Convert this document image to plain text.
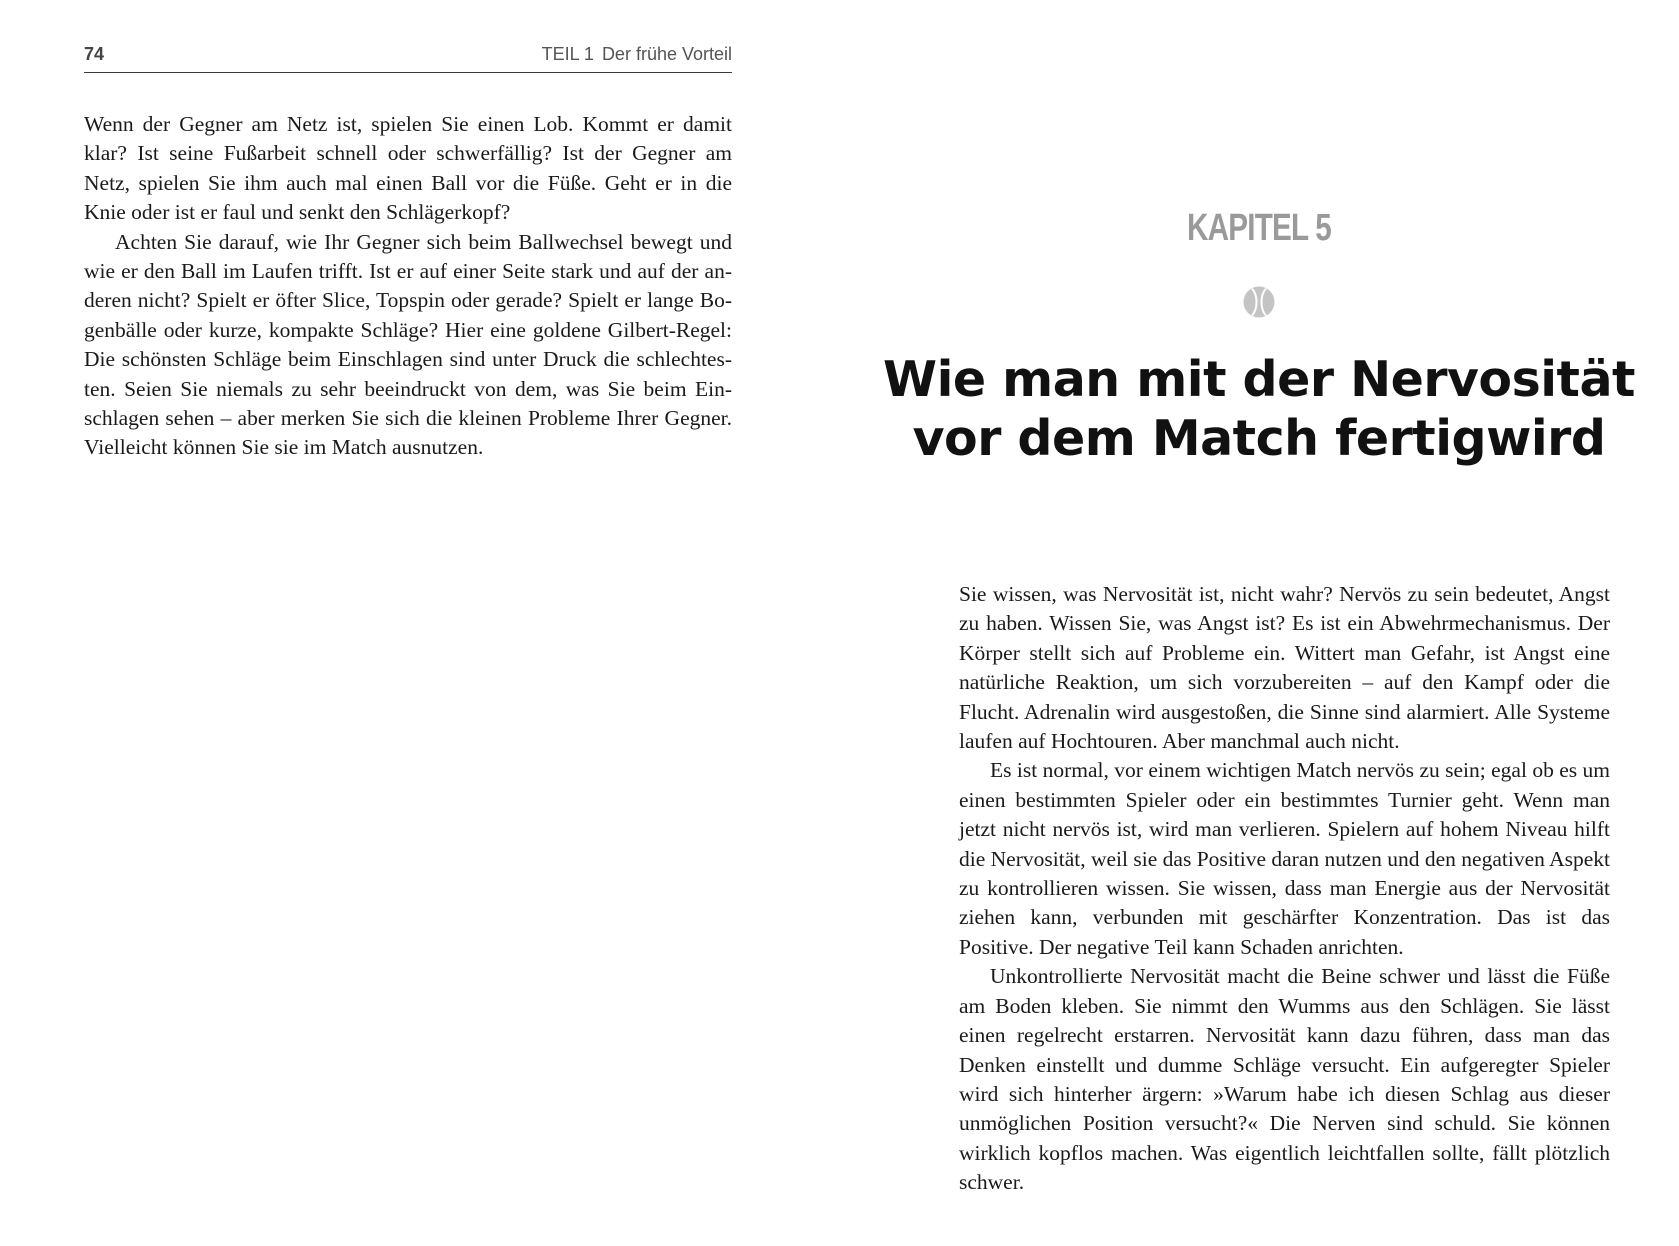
74	TEIL 1 Der frühe Vorteil

Wenn der Gegner am Netz ist, spielen Sie einen Lob. Kommt er damit klar? Ist seine Fußarbeit schnell oder schwerfällig? Ist der Gegner am Netz, spielen Sie ihm auch mal einen Ball vor die Füße. Geht er in die Knie oder ist er faul und senkt den Schlägerkopf?

Achten Sie darauf, wie Ihr Gegner sich beim Ballwechsel bewegt und wie er den Ball im Laufen trifft. Ist er auf einer Seite stark und auf der anderen nicht? Spielt er öfter Slice, Topspin oder gerade? Spielt er lange Bogenbälle oder kurze, kompakte Schläge? Hier eine goldene Gilbert-Regel: Die schönsten Schläge beim Einschlagen sind unter Druck die schlechtesten. Seien Sie niemals zu sehr beeindruckt von dem, was Sie beim Einschlagen sehen – aber merken Sie sich die kleinen Probleme Ihrer Gegner. Vielleicht können Sie sie im Match ausnutzen.

KAPITEL 5
Wie man mit der Nervosität
vor dem Match fertigwird

Sie wissen, was Nervosität ist, nicht wahr? Nervös zu sein bedeutet, Angst zu haben. Wissen Sie, was Angst ist? Es ist ein Abwehrmechanismus. Der Körper stellt sich auf Probleme ein. Wittert man Gefahr, ist Angst eine natürliche Reaktion, um sich vorzubereiten – auf den Kampf oder die Flucht. Adrenalin wird ausgestoßen, die Sinne sind alarmiert. Alle Systeme laufen auf Hochtouren. Aber manchmal auch nicht.

Es ist normal, vor einem wichtigen Match nervös zu sein; egal ob es um einen bestimmten Spieler oder ein bestimmtes Turnier geht. Wenn man jetzt nicht nervös ist, wird man verlieren. Spielern auf hohem Niveau hilft die Nervosität, weil sie das Positive daran nutzen und den negativen Aspekt zu kontrollieren wissen. Sie wissen, dass man Energie aus der Nervosität ziehen kann, verbunden mit geschärfter Konzentration. Das ist das Positive. Der negative Teil kann Schaden anrichten.

Unkontrollierte Nervosität macht die Beine schwer und lässt die Füße am Boden kleben. Sie nimmt den Wumms aus den Schlägen. Sie lässt einen regelrecht erstarren. Nervosität kann dazu führen, dass man das Denken einstellt und dumme Schläge versucht. Ein aufgeregter Spieler wird sich hinterher ärgern: »Warum habe ich diesen Schlag aus dieser unmöglichen Position versucht?« Die Nerven sind schuld. Sie können wirklich kopflos machen. Was eigentlich leichtfallen sollte, fällt plötzlich schwer.
